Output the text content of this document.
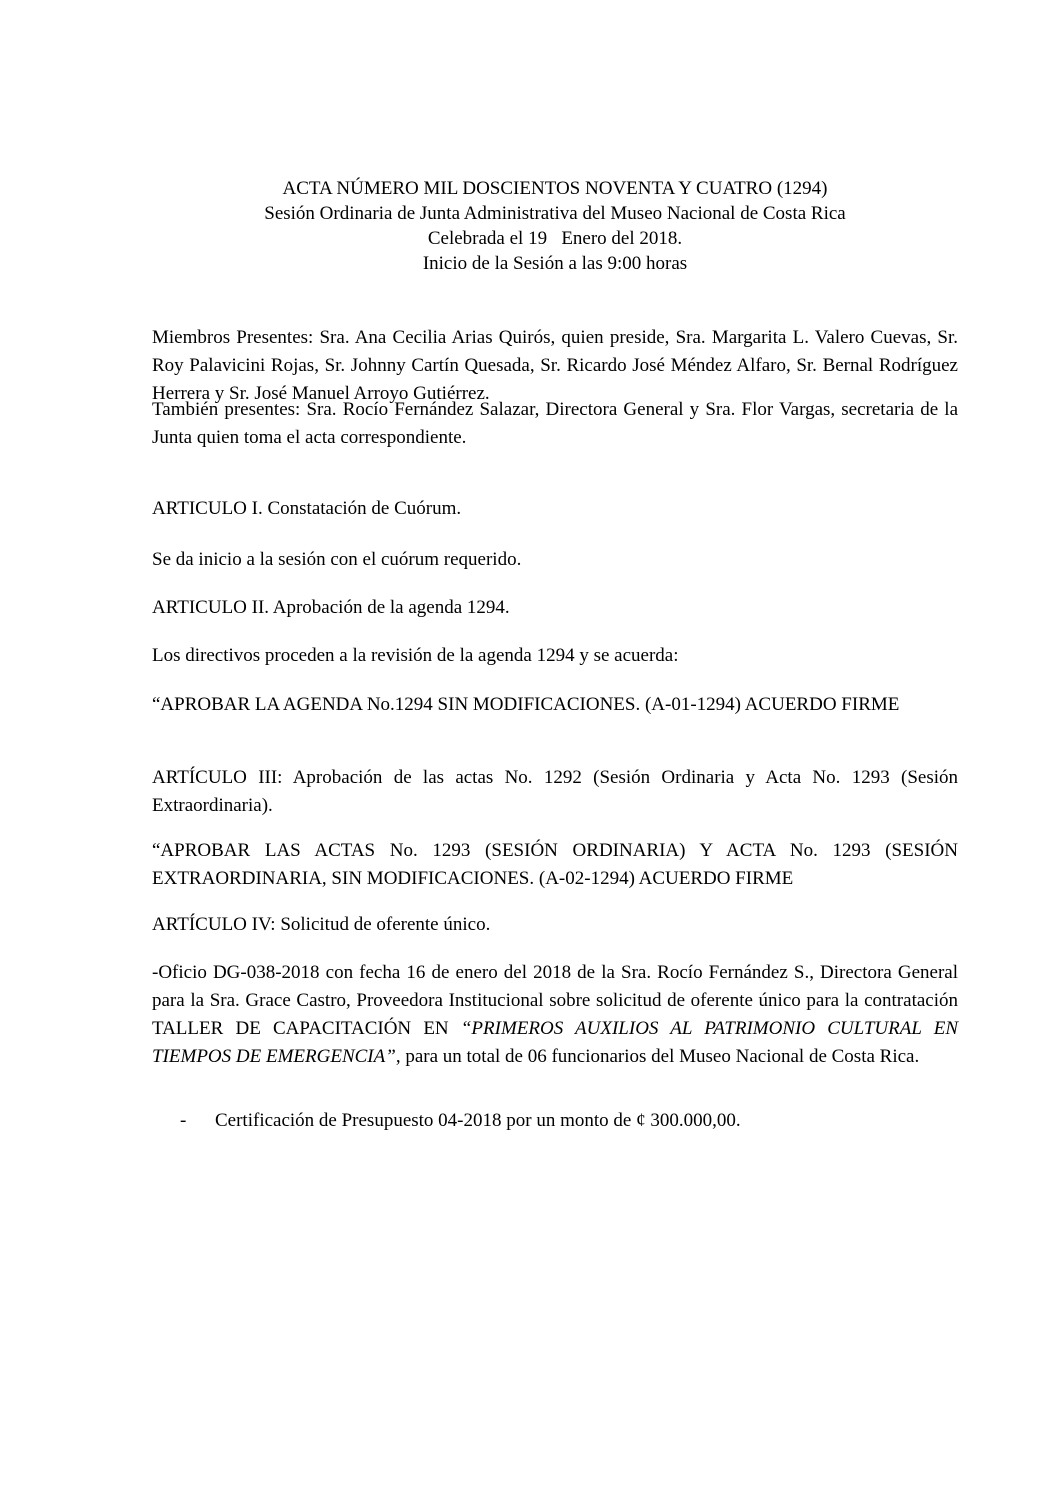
ACTA NÚMERO MIL DOSCIENTOS NOVENTA Y CUATRO (1294)
Sesión Ordinaria de Junta Administrativa del Museo Nacional de Costa Rica
Celebrada el 19   Enero del 2018.
Inicio de la Sesión a las 9:00 horas

Miembros Presentes: Sra. Ana Cecilia Arias Quirós, quien preside, Sra. Margarita L. Valero Cuevas, Sr. Roy Palavicini Rojas, Sr. Johnny Cartín Quesada, Sr. Ricardo José Méndez Alfaro, Sr. Bernal Rodríguez Herrera y Sr. José Manuel Arroyo Gutiérrez.

También presentes: Sra. Rocío Fernández Salazar, Directora General y Sra. Flor Vargas, secretaria de la Junta quien toma el acta correspondiente.

ARTICULO I. Constatación de Cuórum.

Se da inicio a la sesión con el cuórum requerido.

ARTICULO II. Aprobación de la agenda 1294.

Los directivos proceden a la revisión de la agenda 1294 y se acuerda:

“APROBAR LA AGENDA No.1294 SIN MODIFICACIONES. (A-01-1294) ACUERDO FIRME

ARTÍCULO III: Aprobación de las actas No. 1292 (Sesión Ordinaria y Acta No. 1293 (Sesión Extraordinaria).

“APROBAR LAS ACTAS No. 1293 (SESIÓN ORDINARIA) Y ACTA No. 1293 (SESIÓN EXTRAORDINARIA, SIN MODIFICACIONES. (A-02-1294) ACUERDO FIRME

ARTÍCULO IV: Solicitud de oferente único.

-Oficio DG-038-2018 con fecha 16 de enero del 2018 de la Sra. Rocío Fernández S., Directora General para la Sra. Grace Castro, Proveedora Institucional sobre solicitud de oferente único para la contratación TALLER DE CAPACITACIÓN EN “PRIMEROS AUXILIOS AL PATRIMONIO CULTURAL EN TIEMPOS DE EMERGENCIA”, para un total de 06 funcionarios del Museo Nacional de Costa Rica.

- Certificación de Presupuesto 04-2018 por un monto de ¢ 300.000,00.
